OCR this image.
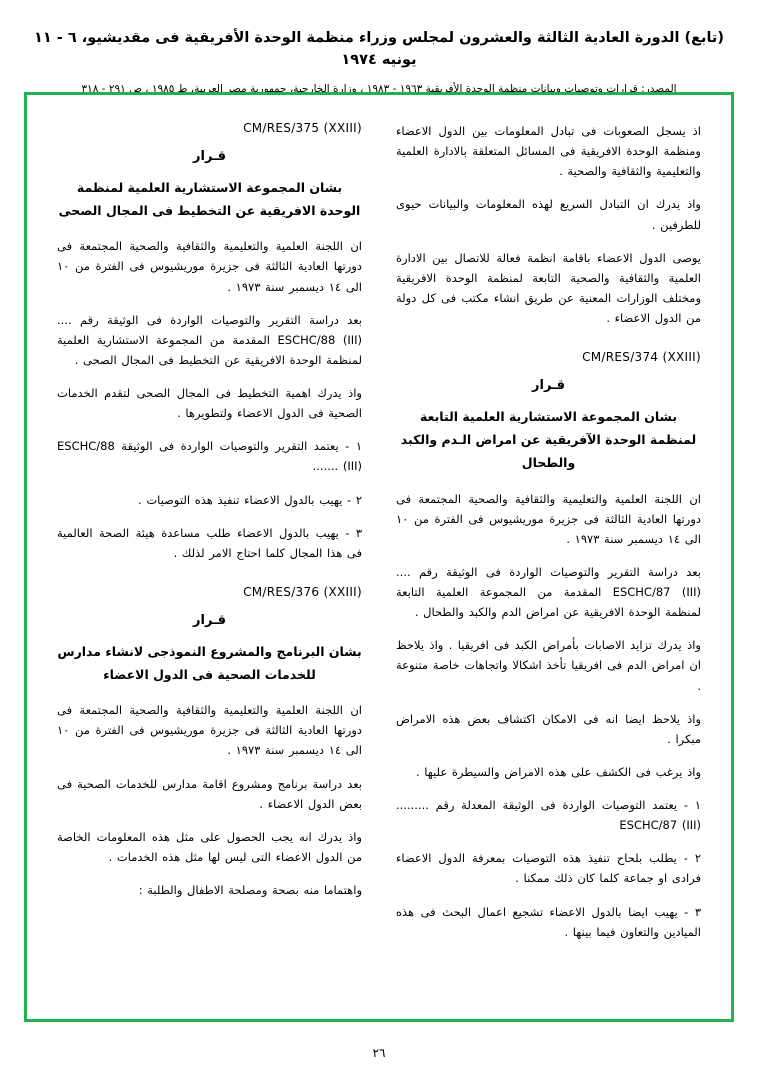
(تابع) الدورة العادية الثالثة والعشرون لمجلس وزراء منظمة الوحدة الأفريقية فى مقديشيو، ٦ - ١١ يونيه ١٩٧٤
المصدر: قرارات وتوصيات وبيانات منظمة الوحدة الأفريقية ١٩٦٣ - ١٩٨٣ ، وزارة الخارجية، جمهورية مصر العربية، ط ١٩٨٥ ، ص ٢٩١ - ٣١٨
اذ يسجل الصعوبات فى تبادل المعلومات بين الدول الاعضاء ومنظمة الوحدة الافريقية فى المسائل المتعلقة بالادارة العلمية والتعليمية والثقافية والصحية .
واذ يدرك ان التبادل السريع لهذه المعلومات والبيانات حيوى للطرفين .
يوصى الدول الاعضاء باقامة انظمة فعالة للاتصال بين الادارة العلمية والثقافية والصحية التابعة لمنظمة الوحدة الافريقية ومختلف الوزارات المعنية عن طريق انشاء مكتب فى كل دولة من الدول الاعضاء .
CM/RES/374 (XXIII)
قـرار
بشان المجموعة الاستشارية العلمية التابعة لمنظمة الوحدة الآفريقية عن امراض الـدم والكبد والطحال
ان اللجنة العلمية والتعليمية والثقافية والصحية المجتمعة فى دورتها العادية الثالثة فى جزيرة موريشيوس فى الفترة من ١٠ الى ١٤ ديسمبر سنة ١٩٧٣ .
بعد دراسة التقرير والتوصيات الواردة فى الوثيقة رقم .... ESCHC/87 (III) المقدمة من المجموعة العلمية التابعة لمنظمة الوحدة الافريقية عن امراض الدم والكبد والطحال .
واذ يدرك تزايد الاصابات بأمراض الكبد فى افريقيا . واذ يلاحظ ان امراض الدم فى افريقيا تأخذ اشكالا واتجاهات خاصة متنوعة .
واذ يلاحظ ايضا انه فى الامكان اكتشاف بعض هذه الامراض مبكرا .
واذ يرغب فى الكشف على هذه الامراض والسيطرة عليها .
١ - يعتمد التوصيات الواردة فى الوثيقة المعدلة رقم ......... ESCHC/87 (III)
٢ - يطلب بلحاح تنفيذ هذه التوصيات بمعرفة الدول الاعضاء فرادى او جماعة كلما كان ذلك ممكنا .
٣ - يهيب ايضا بالدول الاعضاء تشجيع اعمال البحث فى هذه الميادين والتعاون فيما بينها .
CM/RES/375 (XXIII)
قـرار
بشان المجموعة الاستشارية العلمية لمنظمة الوحدة الافريقية عن التخطيط فى المجال الصحى
ان اللجنة العلمية والتعليمية والثقافية والصحية المجتمعة فى دورتها العادية الثالثة فى جزيرة موريشيوس فى الفترة من ١٠ الى ١٤ ديسمبر سنة ١٩٧٣ .
بعد دراسة التقرير والتوصيات الواردة فى الوثيقة رقم .... ESCHC/88 (III) المقدمة من المجموعة الاستشارية العلمية لمنظمة الوحدة الافريقية عن التخطيط فى المجال الصحى .
واذ يدرك اهمية التخطيط فى المجال الصحى لتقدم الخدمات الصحية فى الدول الاعضاء ولتطويرها .
١ - يعتمد التقرير والتوصيات الواردة فى الوثيقة ESCHC/88 (III) .......
٢ - يهيب بالدول الاعضاء تنفيذ هذه التوصيات .
٣ - يهيب بالدول الاعضاء طلب مساعدة هيئة الصحة العالمية فى هذا المجال كلما احتاج الامر لذلك .
CM/RES/376 (XXIII)
قـرار
بشان البرنامج والمشروع النموذجى لانشاء مدارس للخدمات الصحية فى الدول الاعضاء
ان اللجنة العلمية والتعليمية والثقافية والصحية المجتمعة فى دورتها العادية الثالثة فى جزيرة موريشيوس فى الفترة من ١٠ الى ١٤ ديسمبر سنة ١٩٧٣ .
بعد دراسة برنامج ومشروع اقامة مدارس للخدمات الصحية فى بعض الدول الاعضاء .
واذ يدرك انه يجب الحصول على مثل هذه المعلومات الخاصة من الدول الاعضاء التى ليس لها مثل هذه الخدمات .
واهتماما منه بصحة ومصلحة الاطفال والطلبة :
٢٦
